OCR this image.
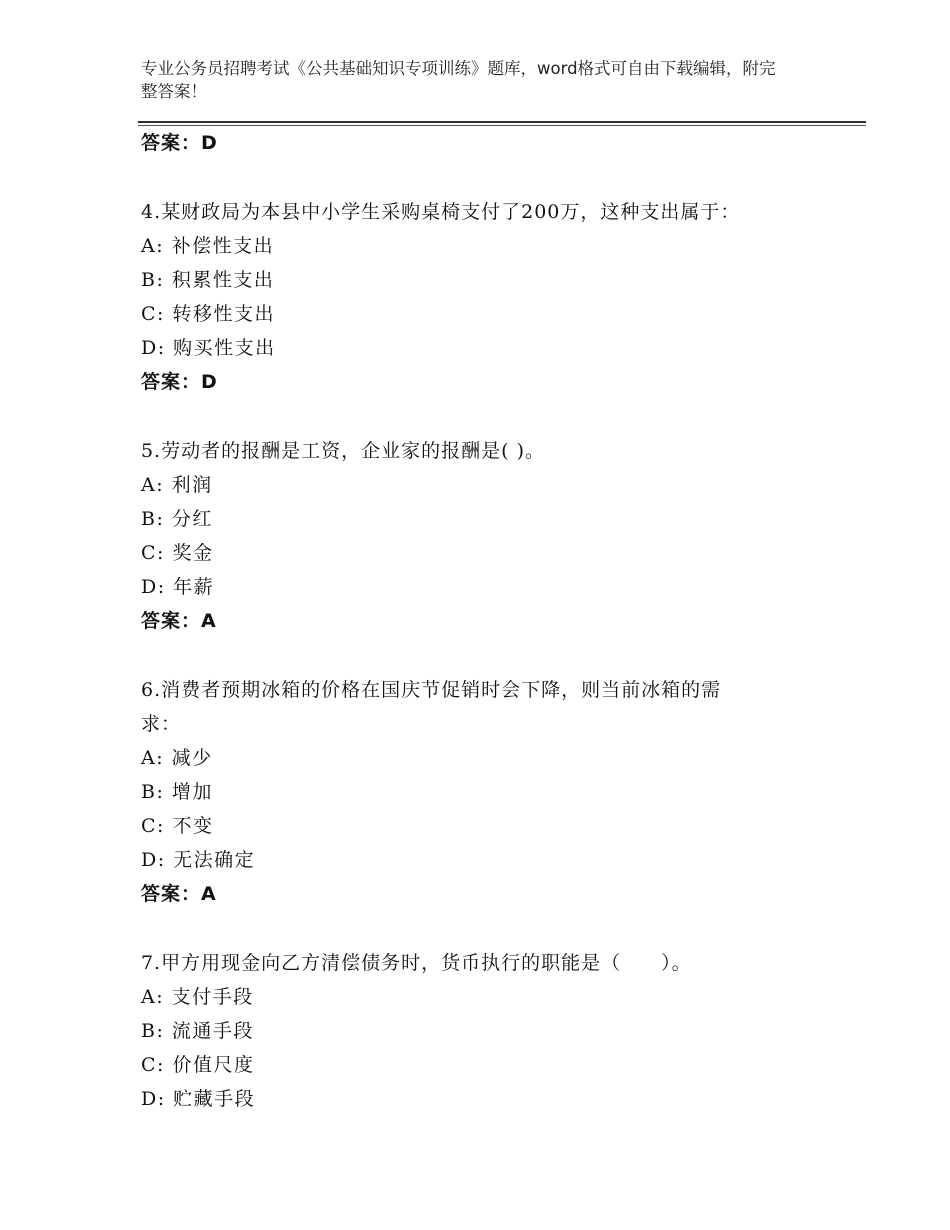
专业公务员招聘考试《公共基础知识专项训练》题库，word格式可自由下载编辑，附完整答案！
答案：D
4.某财政局为本县中小学生采购桌椅支付了200万，这种支出属于：
A: 补偿性支出
B: 积累性支出
C: 转移性支出
D: 购买性支出
答案：D
5.劳动者的报酬是工资，企业家的报酬是( )。
A: 利润
B: 分红
C: 奖金
D: 年薪
答案：A
6.消费者预期冰箱的价格在国庆节促销时会下降，则当前冰箱的需
求：
A: 减少
B: 增加
C: 不变
D: 无法确定
答案：A
7.甲方用现金向乙方清偿债务时，货币执行的职能是（　　）。
A: 支付手段
B: 流通手段
C: 价值尺度
D: 贮藏手段
